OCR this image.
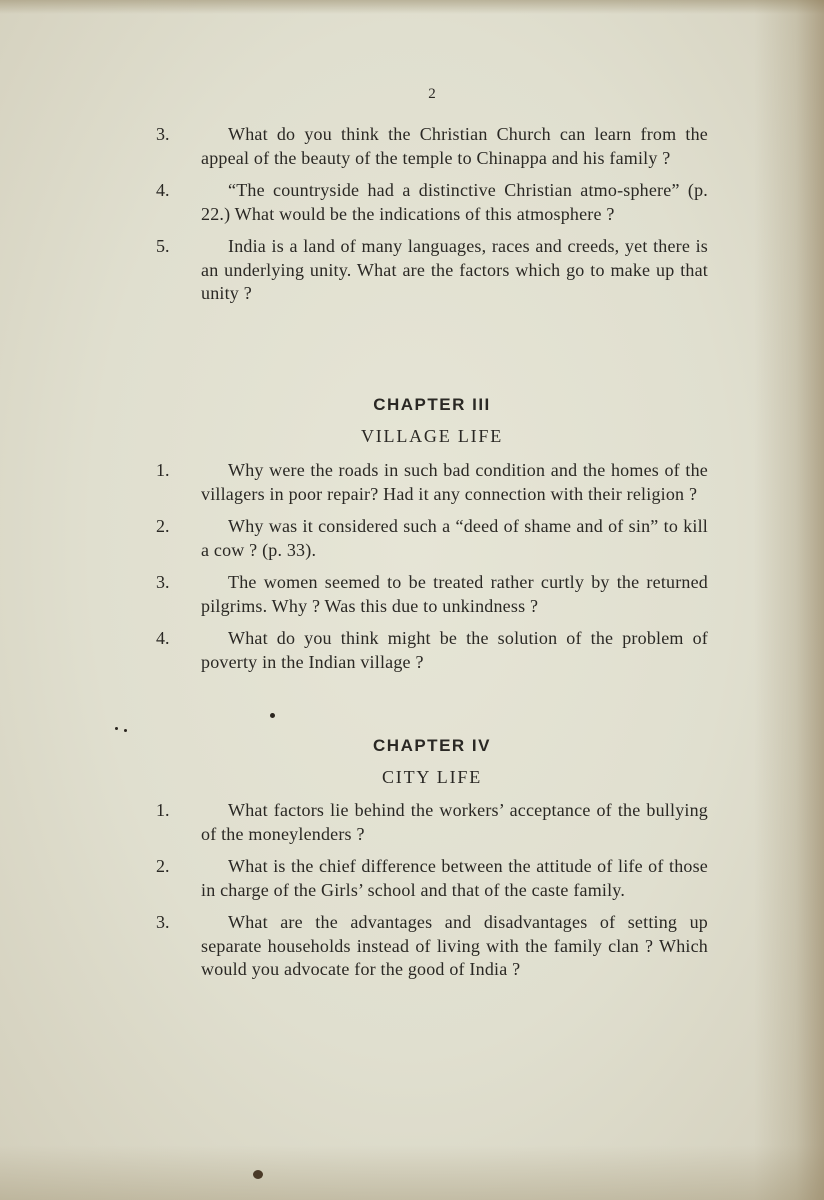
2
3.	What do you think the Christian Church can learn from the appeal of the beauty of the temple to Chinappa and his family ?

4.	“The countryside had a distinctive Christian atmo-sphere” (p. 22.) What would be the indications of this atmosphere ?

5.	India is a land of many languages, races and creeds, yet there is an underlying unity. What are the factors which go to make up that unity ?

CHAPTER III
VILLAGE LIFE
1.	Why were the roads in such bad condition and the homes of the villagers in poor repair? Had it any connection with their religion ?

2.	Why was it considered such a “deed of shame and of sin” to kill a cow ? (p. 33).

3.	The women seemed to be treated rather curtly by the returned pilgrims. Why ? Was this due to unkindness ?

4.	What do you think might be the solution of the problem of poverty in the Indian village ?

CHAPTER IV
CITY LIFE
1.	What factors lie behind the workers’ acceptance of the bullying of the moneylenders ?

2.	What is the chief difference between the attitude of life of those in charge of the Girls’ school and that of the caste family.

3.	What are the advantages and disadvantages of setting up separate households instead of living with the family clan ? Which would you advocate for the good of India ?
